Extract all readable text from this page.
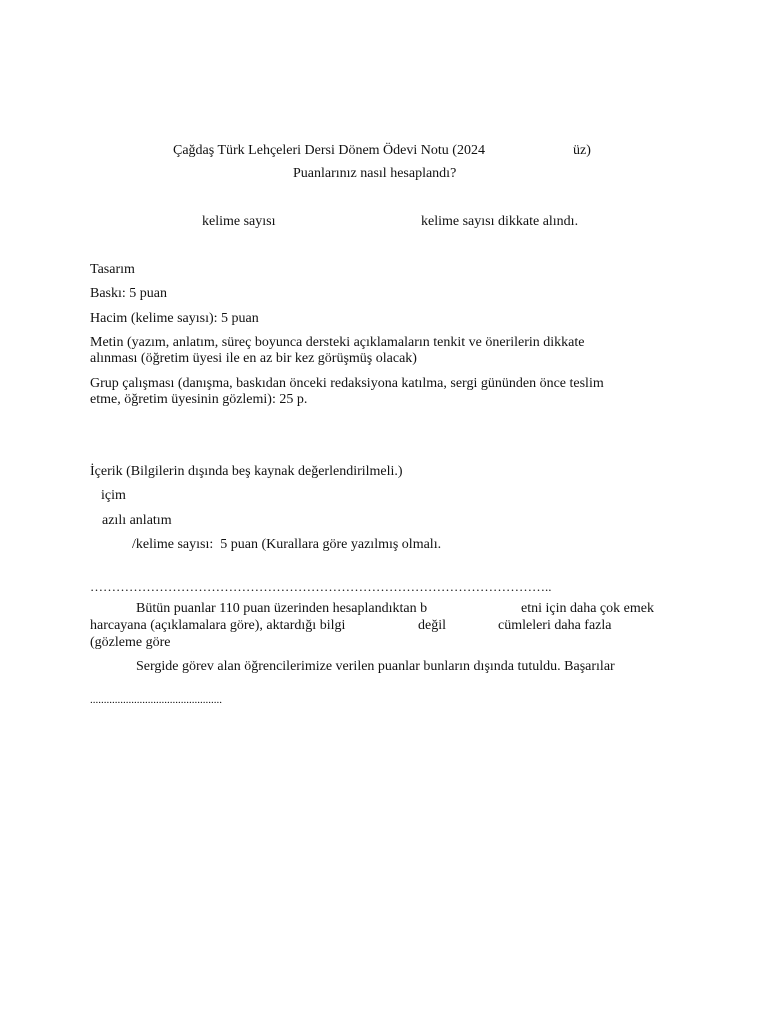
Çağdaş Türk Lehçeleri Dersi Dönem Ödevi Notu (2024	üz)
Puanlarınız nasıl hesaplandı?
kelime sayısı	kelime sayısı dikkate alındı.
Tasarım
Baskı: 5 puan
Hacim (kelime sayısı): 5 puan
Metin (yazım, anlatım, süreç boyunca dersteki açıklamaların tenkit ve önerilerin dikkate
alınması (öğretim üyesi ile en az bir kez görüşmüş olacak)
Grup çalışması (danışma, baskıdan önceki redaksiyona katılma, sergi gününden önce teslim
etme, öğretim üyesinin gözlemi): 25 p.
İçerik (Bilgilerin dışında beş kaynak değerlendirilmeli.)
içim
azılı anlatım
/kelime sayısı:  5 puan (Kurallara göre yazılmış olmalı.
……………………………………………………………………………………………..
Bütün puanlar 110 puan üzerinden hesaplandıktan b	etni için daha çok emek
harcayana (açıklamalara göre), aktardığı bilgi	değil	cümleleri daha fazla
(gözleme göre
Sergide görev alan öğrencilerimize verilen puanlar bunların dışında tutuldu. Başarılar
................................................
